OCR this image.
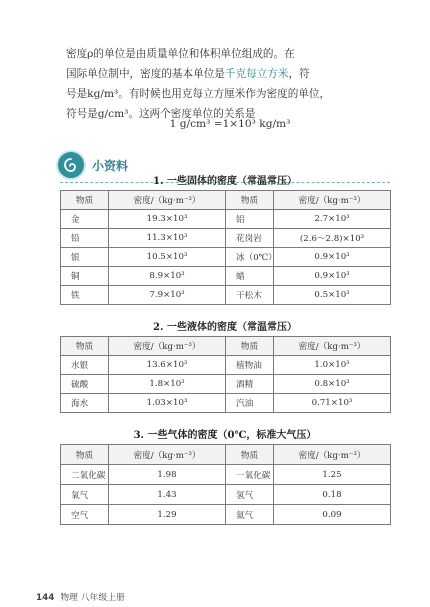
密度ρ的单位是由质量单位和体积单位组成的。在
国际单位制中，密度的基本单位是千克每立方米，符
号是kg/m³。有时候也用克每立方厘米作为密度的单位，
符号是g/cm³。这两个密度单位的关系是
1 g/cm³ =1×10³ kg/m³
小资料
1. 一些固体的密度（常温常压）
物质	密度/（kg·m⁻³）	物质	密度/（kg·m⁻³）
金	19.3×10³	铝	2.7×10³
铅	11.3×10³	花岗岩	(2.6～2.8)×10³
银	10.5×10³	冰（0℃）	0.9×10³
铜	8.9×10³	蜡	0.9×10³
铁	7.9×10³	干松木	0.5×10³
2. 一些液体的密度（常温常压）
物质	密度/（kg·m⁻³）	物质	密度/（kg·m⁻³）
水银	13.6×10³	植物油	1.0×10³
硫酸	1.8×10³	酒精	0.8×10³
海水	1.03×10³	汽油	0.71×10³
3. 一些气体的密度（0℃，标准大气压）
物质	密度/（kg·m⁻³）	物质	密度/（kg·m⁻³）
二氧化碳	1.98	一氧化碳	1.25
氧气	1.43	氢气	0.18
空气	1.29	氦气	0.09
144 物理 八年级上册
